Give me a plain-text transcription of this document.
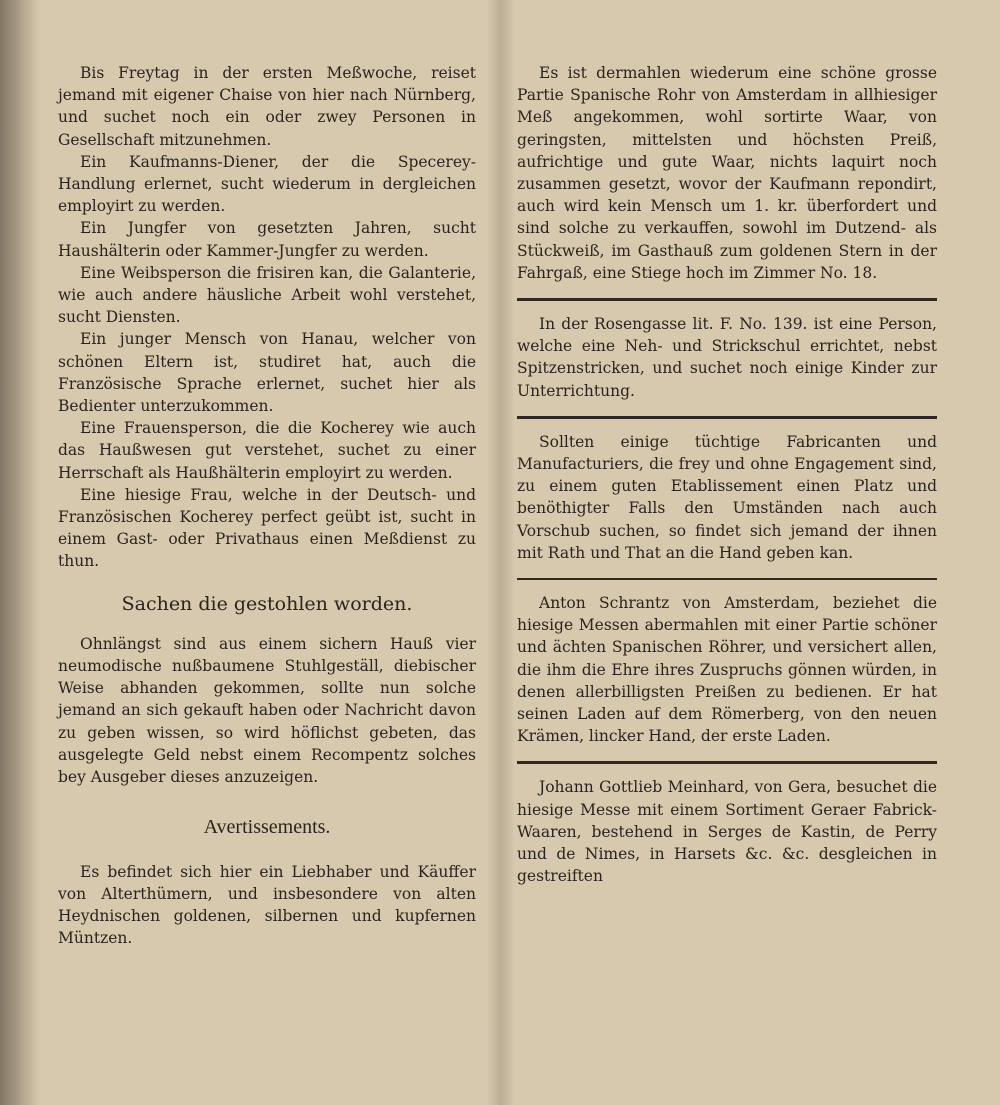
Bis Freytag in der ersten Meßwoche, reiset jemand mit eigener Chaise von hier nach Nürnberg, und suchet noch ein oder zwey Personen in Gesellschaft mitzunehmen.

Ein Kaufmanns-Diener, der die Specerey-Handlung erlernet, sucht wiederum in dergleichen employirt zu werden.

Ein Jungfer von gesetzten Jahren, sucht Haushälterin oder Kammer-Jungfer zu werden.

Eine Weibsperson die frisiren kan, die Galanterie, wie auch andere häusliche Arbeit wohl verstehet, sucht Diensten.

Ein junger Mensch von Hanau, welcher von schönen Eltern ist, studiret hat, auch die Französische Sprache erlernet, suchet hier als Bedienter unterzukommen.

Eine Frauensperson, die die Kocherey wie auch das Haußwesen gut verstehet, suchet zu einer Herrschaft als Haußhälterin employirt zu werden.

Eine hiesige Frau, welche in der Deutsch- und Französischen Kocherey perfect geübt ist, sucht in einem Gast- oder Privathaus einen Meßdienst zu thun.

Sachen die gestohlen worden.

Ohnlängst sind aus einem sichern Hauß vier neumodische nußbaumene Stuhlgeställ, diebischer Weise abhanden gekommen, sollte nun solche jemand an sich gekauft haben oder Nachricht davon zu geben wissen, so wird höflichst gebeten, das ausgelegte Geld nebst einem Recompentz solches bey Ausgeber dieses anzuzeigen.

Avertissements.

Es befindet sich hier ein Liebhaber und Käuffer von Alterthümern, und insbesondere von alten Heydnischen goldenen, silbernen und kupfernen Müntzen.

Es ist dermahlen wiederum eine schöne grosse Partie Spanische Rohr von Amsterdam in allhiesiger Meß angekommen, wohl sortirte Waar, von geringsten, mittelsten und höchsten Preiß, aufrichtige und gute Waar, nichts laquirt noch zusammen gesetzt, wovor der Kaufmann repondirt, auch wird kein Mensch um 1. kr. überfordert und sind solche zu verkauffen, sowohl im Dutzend- als Stückweiß, im Gasthauß zum goldenen Stern in der Fahrgaß, eine Stiege hoch im Zimmer No. 18.

In der Rosengasse lit. F. No. 139. ist eine Person, welche eine Neh- und Strickschul errichtet, nebst Spitzenstricken, und suchet noch einige Kinder zur Unterrichtung.

Sollten einige tüchtige Fabricanten und Manufacturiers, die frey und ohne Engagement sind, zu einem guten Etablissement einen Platz und benöthigter Falls den Umständen nach auch Vorschub suchen, so findet sich jemand der ihnen mit Rath und That an die Hand geben kan.

Anton Schrantz von Amsterdam, beziehet die hiesige Messen abermahlen mit einer Partie schöner und ächten Spanischen Röhrer, und versichert allen, die ihm die Ehre ihres Zuspruchs gönnen würden, in denen allerbilligsten Preißen zu bedienen. Er hat seinen Laden auf dem Römerberg, von den neuen Krämen, lincker Hand, der erste Laden.

Johann Gottlieb Meinhard, von Gera, besuchet die hiesige Messe mit einem Sortiment Geraer Fabrick-Waaren, bestehend in Serges de Kastin, de Perry und de Nimes, in Harsets &c. &c. desgleichen in gestreiften
